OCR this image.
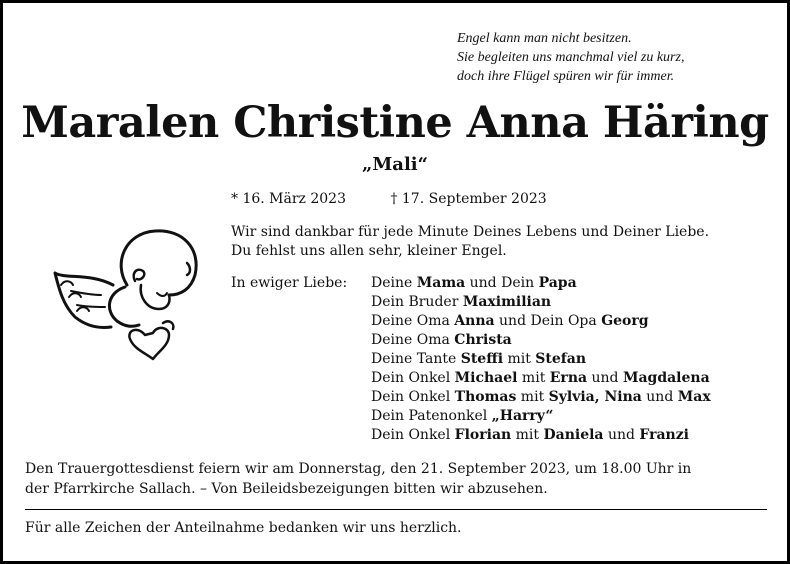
Engel kann man nicht besitzen.
Sie begleiten uns manchmal viel zu kurz,
doch ihre Flügel spüren wir für immer.
Maralen Christine Anna Häring
„Mali“
* 16. März 2023	† 17. September 2023
Wir sind dankbar für jede Minute Deines Lebens und Deiner Liebe.
Du fehlst uns allen sehr, kleiner Engel.
In ewiger Liebe: Deine Mama und Dein Papa
Dein Bruder Maximilian
Deine Oma Anna und Dein Opa Georg
Deine Oma Christa
Deine Tante Steffi mit Stefan
Dein Onkel Michael mit Erna und Magdalena
Dein Onkel Thomas mit Sylvia, Nina und Max
Dein Patenonkel „Harry“
Dein Onkel Florian mit Daniela und Franzi
Den Trauergottesdienst feiern wir am Donnerstag, den 21. September 2023, um 18.00 Uhr in
der Pfarrkirche Sallach. – Von Beileidsbezeigungen bitten wir abzusehen.
Für alle Zeichen der Anteilnahme bedanken wir uns herzlich.
